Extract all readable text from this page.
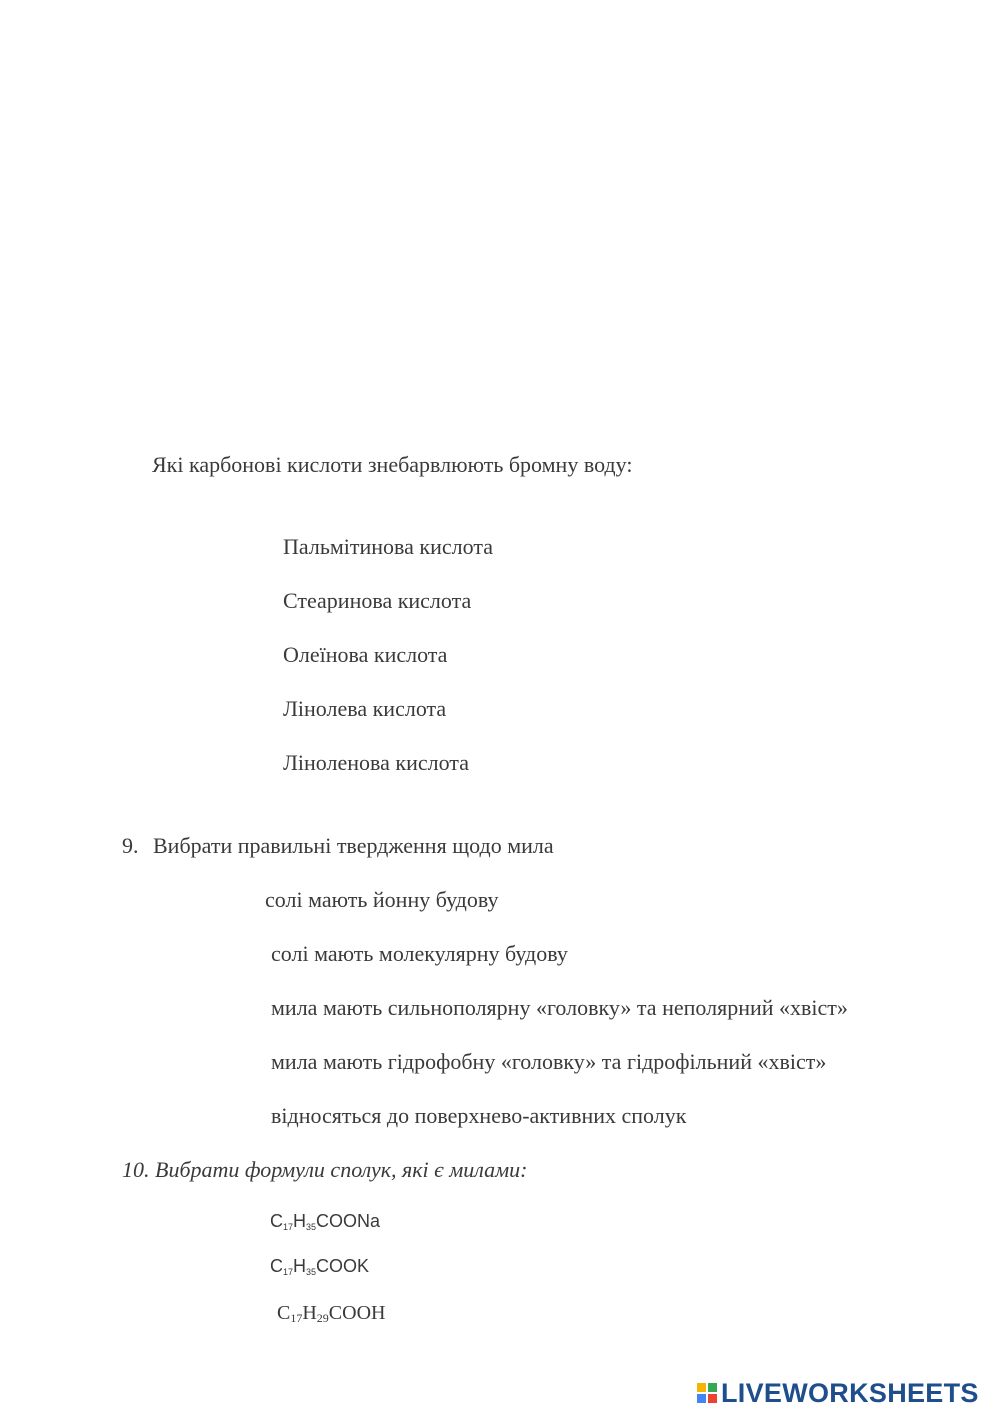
Які карбонові кислоти знебарвлюють бромну воду:
Пальмітинова кислота
Стеаринова кислота
Олеїнова кислота
Лінолева кислота
Ліноленова кислота
9. Вибрати правильні твердження щодо мила
солі мають йонну будову
солі мають молекулярну будову
мила мають сильнополярну «головку» та неполярний «хвіст»
мила мають гідрофобну «головку» та гідрофільний «хвіст»
відносяться до поверхнево-активних сполук
10. Вибрати формули сполук, які є милами:
$C_{17}H_{35}COONa$
$C_{17}H_{35}COOK$
$C_{17}H_{29}COOH$
LIVEWORKSHEETS
